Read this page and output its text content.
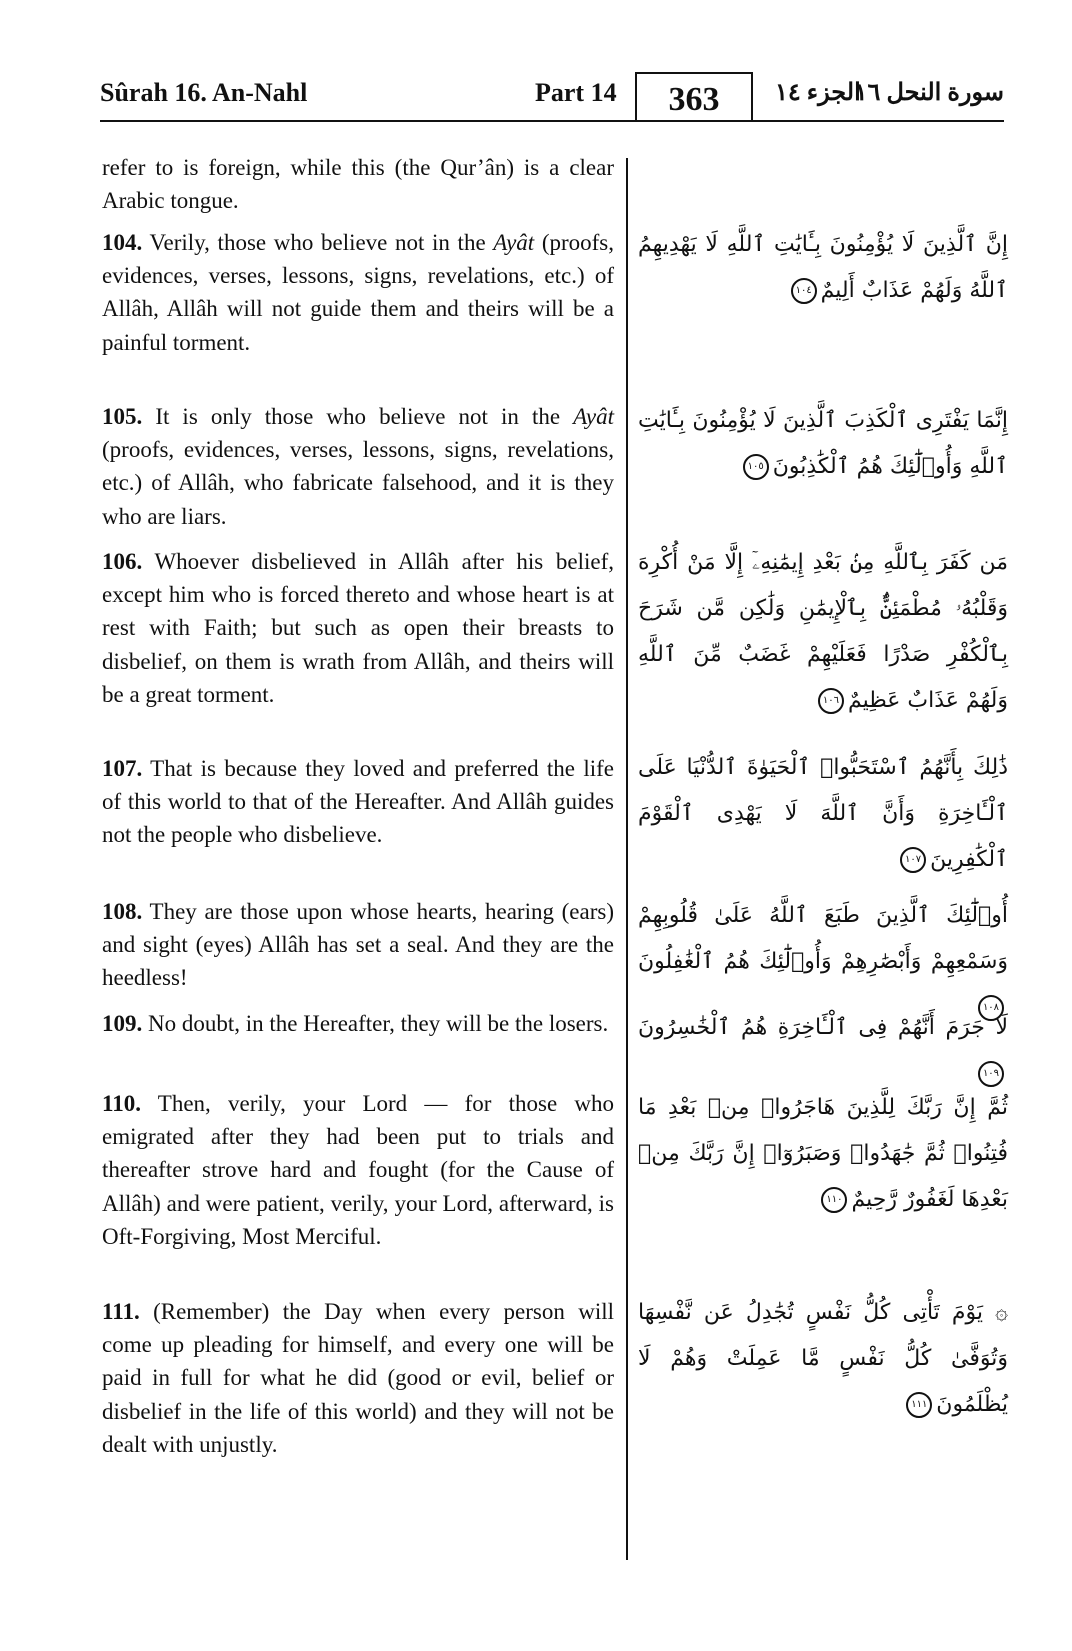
Sûrah 16. An-Nahl	Part 14	363	الجزء ١٤
سورة النحل ١٦
refer to is foreign, while this (the Qur’ân) is a clear Arabic tongue.
104. Verily, those who believe not in the Ayât (proofs, evidences, verses, lessons, signs, revelations, etc.) of Allâh, Allâh will not guide them and theirs will be a painful torment.
إِنَّ ٱلَّذِينَ لَا يُؤْمِنُونَ بِـَٔايَٰتِ ٱللَّهِ لَا يَهْدِيهِمُ ٱللَّهُ وَلَهُمْ عَذَابٌ أَلِيمٌ١٠٤
105. It is only those who believe not in the Ayât (proofs, evidences, verses, lessons, signs, revelations, etc.) of Allâh, who fabricate falsehood, and it is they who are liars.
إِنَّمَا يَفْتَرِى ٱلْكَذِبَ ٱلَّذِينَ لَا يُؤْمِنُونَ بِـَٔايَٰتِ ٱللَّهِ وَأُو۟لَٰٓئِكَ هُمُ ٱلْكَٰذِبُونَ١٠٥
106. Whoever disbelieved in Allâh after his belief, except him who is forced thereto and whose heart is at rest with Faith; but such as open their breasts to disbelief, on them is wrath from Allâh, and theirs will be a great torment.
مَن كَفَرَ بِٱللَّهِ مِنۢ بَعْدِ إِيمَٰنِهِۦٓ إِلَّا مَنْ أُكْرِهَ وَقَلْبُهُۥ مُطْمَئِنٌّۢ بِٱلْإِيمَٰنِ وَلَٰكِن مَّن شَرَحَ بِٱلْكُفْرِ صَدْرًا فَعَلَيْهِمْ غَضَبٌ مِّنَ ٱللَّهِ وَلَهُمْ عَذَابٌ عَظِيمٌ١٠٦
107. That is because they loved and preferred the life of this world to that of the Hereafter. And Allâh guides not the people who disbelieve.
ذَٰلِكَ بِأَنَّهُمُ ٱسْتَحَبُّوا۟ ٱلْحَيَوٰةَ ٱلدُّنْيَا عَلَى ٱلْـَٔاخِرَةِ وَأَنَّ ٱللَّهَ لَا يَهْدِى ٱلْقَوْمَ ٱلْكَٰفِرِينَ١٠٧
108. They are those upon whose hearts, hearing (ears) and sight (eyes) Allâh has set a seal. And they are the heedless!
أُو۟لَٰٓئِكَ ٱلَّذِينَ طَبَعَ ٱللَّهُ عَلَىٰ قُلُوبِهِمْ وَسَمْعِهِمْ وَأَبْصَٰرِهِمْ وَأُو۟لَٰٓئِكَ هُمُ ٱلْغَٰفِلُونَ١٠٨
109. No doubt, in the Hereafter, they will be the losers. لَا جَرَمَ أَنَّهُمْ فِى ٱلْـَٔاخِرَةِ هُمُ ٱلْخَٰسِرُونَ١٠٩
110. Then, verily, your Lord — for those who emigrated after they had been put to trials and thereafter strove hard and fought (for the Cause of Allâh) and were patient, verily, your Lord, afterward, is Oft-Forgiving, Most Merciful.
ثُمَّ إِنَّ رَبَّكَ لِلَّذِينَ هَاجَرُوا۟ مِنۢ بَعْدِ مَا فُتِنُوا۟ ثُمَّ جَٰهَدُوا۟ وَصَبَرُوٓا۟ إِنَّ رَبَّكَ مِنۢ بَعْدِهَا لَغَفُورٌ رَّحِيمٌ١١٠
111. (Remember) the Day when every person will come up pleading for himself, and every one will be paid in full for what he did (good or evil, belief or disbelief in the life of this world) and they will not be dealt with unjustly.
۞ يَوْمَ تَأْتِى كُلُّ نَفْسٍ تُجَٰدِلُ عَن نَّفْسِهَا وَتُوَفَّىٰ كُلُّ نَفْسٍ مَّا عَمِلَتْ وَهُمْ لَا يُظْلَمُونَ١١١
